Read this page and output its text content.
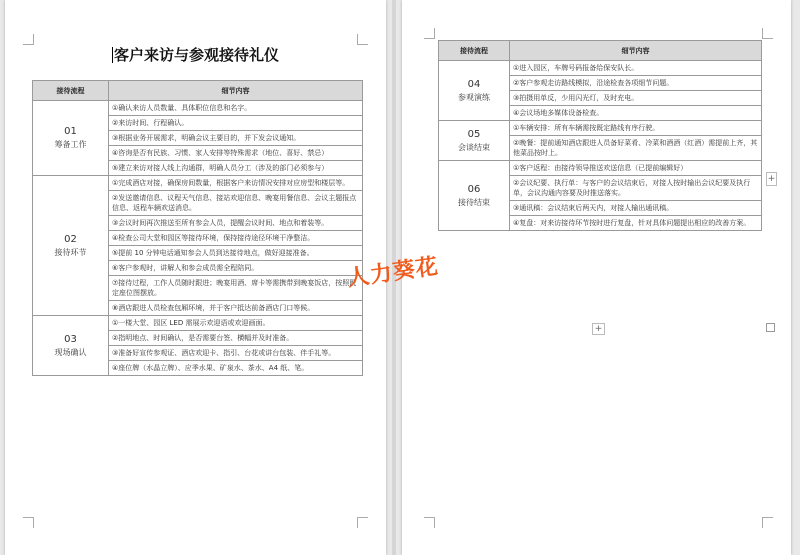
客户来访与参观接待礼仪
接待流程	细节内容

01
筹备工作	①确认来访人员数量、具体职位信息和名字。
	②来访时间、行程确认。
	③根据业务开展需求，明确会议主要目的，并下发会议通知。
	④咨询是否有民族、习惯、家人安排等特殊需求（地位、喜好、禁忌）
	⑤建立来访对接人线上沟通群，明确人员分工（涉及的部门必须参与）

02
接待环节	①完成酒店对接，确保房间数量，根据客户来访情况安排对应房型和楼层等。
	②发送邀请信息、议程天气信息、接站欢迎信息、晚宴用餐信息、会议主题报点信息、返程车辆欢送消息。
	③会议时间再次推送至所有参会人员，提醒会议时间、地点和着装等。
	④检查公司大堂和园区等接待环境，保持接待途径环境干净整洁。
	⑤提前 10 分钟电话通知参会人员到达接待地点，做好迎接准备。
	⑥客户参观时，讲解人和参会成员需全程陪同。
	⑦接待过程，工作人员随时跟进；晚宴用酒、席卡等需携带到晚宴饭店，按照既定座位图摆放。
	⑧酒店跟进人员检查包厢环境，并于客户抵达前备酒店门口等候。

03
现场确认	①一楼大堂、园区 LED 需展示欢迎语或欢迎画面。
	②指明地点、时间确认，是否需要台签、横幅并及时准备。
	③准备好宣传参观证、酒店欢迎卡、指引、台花或讲台包装、伴手礼等。
	④座位牌（水晶立牌）、应季水果、矿泉水、茶水、A4 纸、笔。
接待流程	细节内容

04
参观演练	①进入园区，车牌号码报备给保安队长。
	②客户参观走访路线模拟，沿途检查各项细节问题。
	③拍摄用单反，少用闪光灯，及时充电。
	④会议场地多媒体设备检查。

05
会谈结束	①车辆安排：所有车辆需按既定路线有序行驶。
	②晚餐：提前通知酒店跟进人员备好菜肴、冷菜和酒酒（红酒）需提前上齐，其他菜品按时上。

06
接待结束	①客户返程：由接待领导推送欢送信息（已提前编辑好）
	②会议纪要、执行单：与客户的会议结束后，对接人按时输出会议纪要及执行单，会议沟通内容要及时推送落实。
	③通讯稿：会议结束后两天内，对接人输出通讯稿。
	④复盘：对来访接待环节按时进行复盘，针对具体问题提出相应的改善方案。
+
+
人力葵花
